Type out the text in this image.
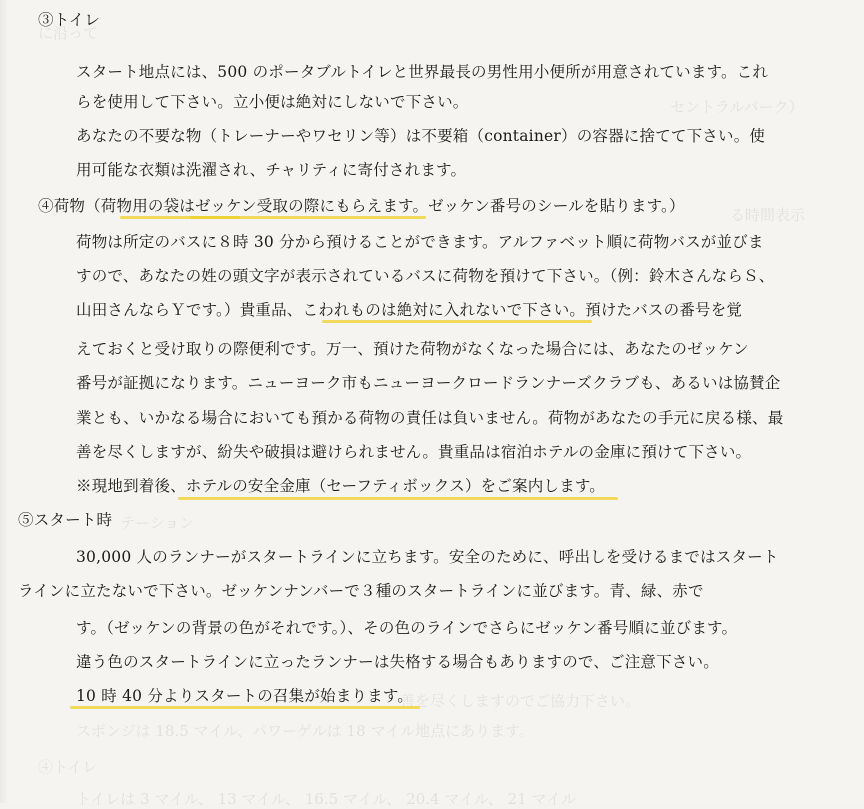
に沿って
セントラルパーク）
る時間表示
テーション
善を尽くしますのでご協力下さい。
スポンジは 18.5 マイル、パワーゲルは 18 マイル地点にあります。
④トイレ
トイレは 3 マイル、 13 マイル、 16.5 マイル、 20.4 マイル、 21 マイル
③トイレ
スタート地点には、500 のポータブルトイレと世界最長の男性用小便所が用意されています。これ
らを使用して下さい。立小便は絶対にしないで下さい。
あなたの不要な物（トレーナーやワセリン等）は不要箱（container）の容器に捨てて下さい。使
用可能な衣類は洗濯され、チャリティに寄付されます。
④荷物（荷物用の袋はゼッケン受取の際にもらえます。ゼッケン番号のシールを貼ります。）
荷物は所定のバスに８時 30 分から預けることができます。アルファベット順に荷物バスが並びま
すので、あなたの姓の頭文字が表示されているバスに荷物を預けて下さい。（例：鈴木さんならＳ、
山田さんならＹです。）貴重品、こわれものは絶対に入れないで下さい。預けたバスの番号を覚
えておくと受け取りの際便利です。万一、預けた荷物がなくなった場合には、あなたのゼッケン
番号が証拠になります。ニューヨーク市もニューヨークロードランナーズクラブも、あるいは協賛企
業とも、いかなる場合においても預かる荷物の責任は負いません。荷物があなたの手元に戻る様、最
善を尽くしますが、紛失や破損は避けられません。貴重品は宿泊ホテルの金庫に預けて下さい。
※現地到着後、ホテルの安全金庫（セーフティボックス）をご案内します。
⑤スタート時
30,000 人のランナーがスタートラインに立ちます。安全のために、呼出しを受けるまではスタート
ラインに立たないで下さい。ゼッケンナンバーで３種のスタートラインに並びます。青、緑、赤で
す。（ゼッケンの背景の色がそれです。）、その色のラインでさらにゼッケン番号順に並びます。
違う色のスタートラインに立ったランナーは失格する場合もありますので、ご注意下さい。
10 時 40 分よりスタートの召集が始まります。
